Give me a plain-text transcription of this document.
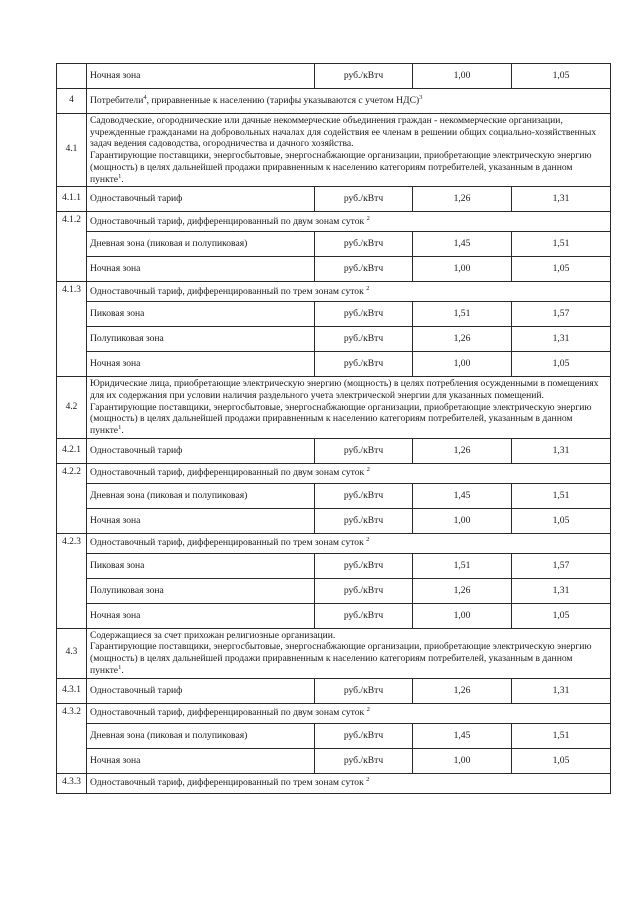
	Ночная зона	руб./кВтч	1,00	1,05
4	Потребители$^4$, приравненные к населению (тарифы указываются с учетом НДС)$^3$
4.1	Садоводческие, огороднические или дачные некоммерческие объединения граждан - некоммерческие организации, учрежденные гражданами на добровольных началах для содействия ее членам в решении общих социально-хозяйственных задач ведения садоводства, огородничества и дачного хозяйства.
Гарантирующие поставщики, энергосбытовые, энергоснабжающие организации, приобретающие электрическую энергию (мощность) в целях дальнейшей продажи приравненным к населению категориям потребителей, указанным в данном пункте$^1$.			

4.1.1	Одноставочный тариф	руб./кВтч	1,26	1,31
4.1.2	Одноставочный тариф, дифференцированный по двум зонам суток $^2$
	Дневная зона (пиковая и полупиковая)	руб./кВтч	1,45	1,51
	Ночная зона	руб./кВтч	1,00	1,05
4.1.3	Одноставочный тариф, дифференцированный по трем зонам суток $^2$
	Пиковая зона	руб./кВтч	1,51	1,57
	Полупиковая зона	руб./кВтч	1,26	1,31
	Ночная зона	руб./кВтч	1,00	1,05
4.2	Юридические лица, приобретающие электрическую энергию (мощность) в целях потребления осужденными в помещениях для их содержания при условии наличия раздельного учета электрической энергии для указанных помещений.
Гарантирующие поставщики, энергосбытовые, энергоснабжающие организации, приобретающие электрическую энергию (мощность) в целях дальнейшей продажи приравненным к населению категориям потребителей, указанным в данном пункте$^1$.			

4.2.1	Одноставочный тариф	руб./кВтч	1,26	1,31
4.2.2	Одноставочный тариф, дифференцированный по двум зонам суток $^2$
	Дневная зона (пиковая и полупиковая)	руб./кВтч	1,45	1,51
	Ночная зона	руб./кВтч	1,00	1,05
4.2.3	Одноставочный тариф, дифференцированный по трем зонам суток $^2$
	Пиковая зона	руб./кВтч	1,51	1,57
	Полупиковая зона	руб./кВтч	1,26	1,31
	Ночная зона	руб./кВтч	1,00	1,05
4.3	Содержащиеся за счет прихожан религиозные организации.
Гарантирующие поставщики, энергосбытовые, энергоснабжающие организации, приобретающие электрическую энергию (мощность) в целях дальнейшей продажи приравненным к населению категориям потребителей, указанным в данном пункте$^1$.			

4.3.1	Одноставочный тариф	руб./кВтч	1,26	1,31
4.3.2	Одноставочный тариф, дифференцированный по двум зонам суток $^2$
	Дневная зона (пиковая и полупиковая)	руб./кВтч	1,45	1,51
	Ночная зона	руб./кВтч	1,00	1,05
4.3.3	Одноставочный тариф, дифференцированный по трем зонам суток $^2$
